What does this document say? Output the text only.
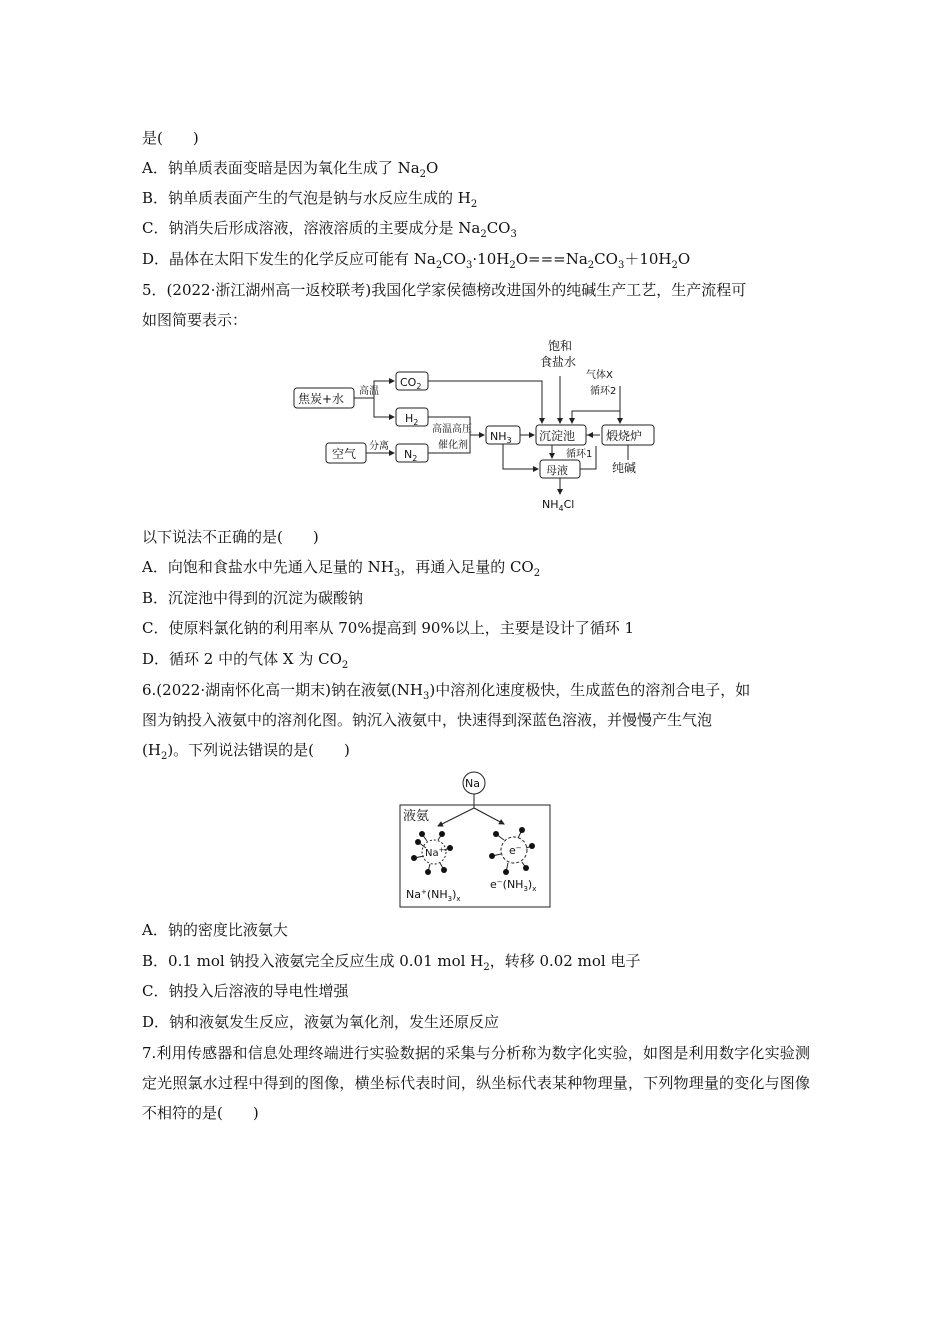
是(　　)
A．钠单质表面变暗是因为氧化生成了 $Na_2O$
B．钠单质表面产生的气泡是钠与水反应生成的 $H_2$
C．钠消失后形成溶液，溶液溶质的主要成分是 $Na_2CO_3$
D．晶体在太阳下发生的化学反应可能有 $Na_2CO_3\cdot 10H_2O===Na_2CO_3+10H_2O$
5．(2022·浙江湖州高一返校联考)我国化学家侯德榜改进国外的纯碱生产工艺，生产流程可
如图简要表示：
焦炭+水
高温
$CO_2$
$H_2$
空气
分离
$N_2$
高温高压
催化剂
$NH_3$
饱和
食盐水
沉淀池	煅烧炉
气体X
循环2
循环1
母液	纯碱
$NH_4Cl$
以下说法不正确的是(　　)
A．向饱和食盐水中先通入足量的 $NH_3$，再通入足量的 $CO_2$
B．沉淀池中得到的沉淀为碳酸钠
C．使原料氯化钠的利用率从 70%提高到 90%以上，主要是设计了循环 1
D．循环 2 中的气体 X 为 $CO_2$
6.(2022·湖南怀化高一期末)钠在液氨$(NH_3)$中溶剂化速度极快，生成蓝色的溶剂合电子，如
图为钠投入液氨中的溶剂化图。钠沉入液氨中，快速得到深蓝色溶液，并慢慢产生气泡
$(H_2)$。下列说法错误的是(　　)
Na
液氨
Na+	e−
$Na^+(NH_3)_x$
$e^-(NH_3)_x$
A．钠的密度比液氨大
B．0.1 mol 钠投入液氨完全反应生成 0.01 mol $H_2$，转移 0.02 mol 电子
C．钠投入后溶液的导电性增强
D．钠和液氨发生反应，液氨为氧化剂，发生还原反应
7.利用传感器和信息处理终端进行实验数据的采集与分析称为数字化实验，如图是利用数字化实验测定光照氯水过程中得到的图像，横坐标代表时间，纵坐标代表某种物理量，下列物理量的变化与图像不相符的是(　　)
